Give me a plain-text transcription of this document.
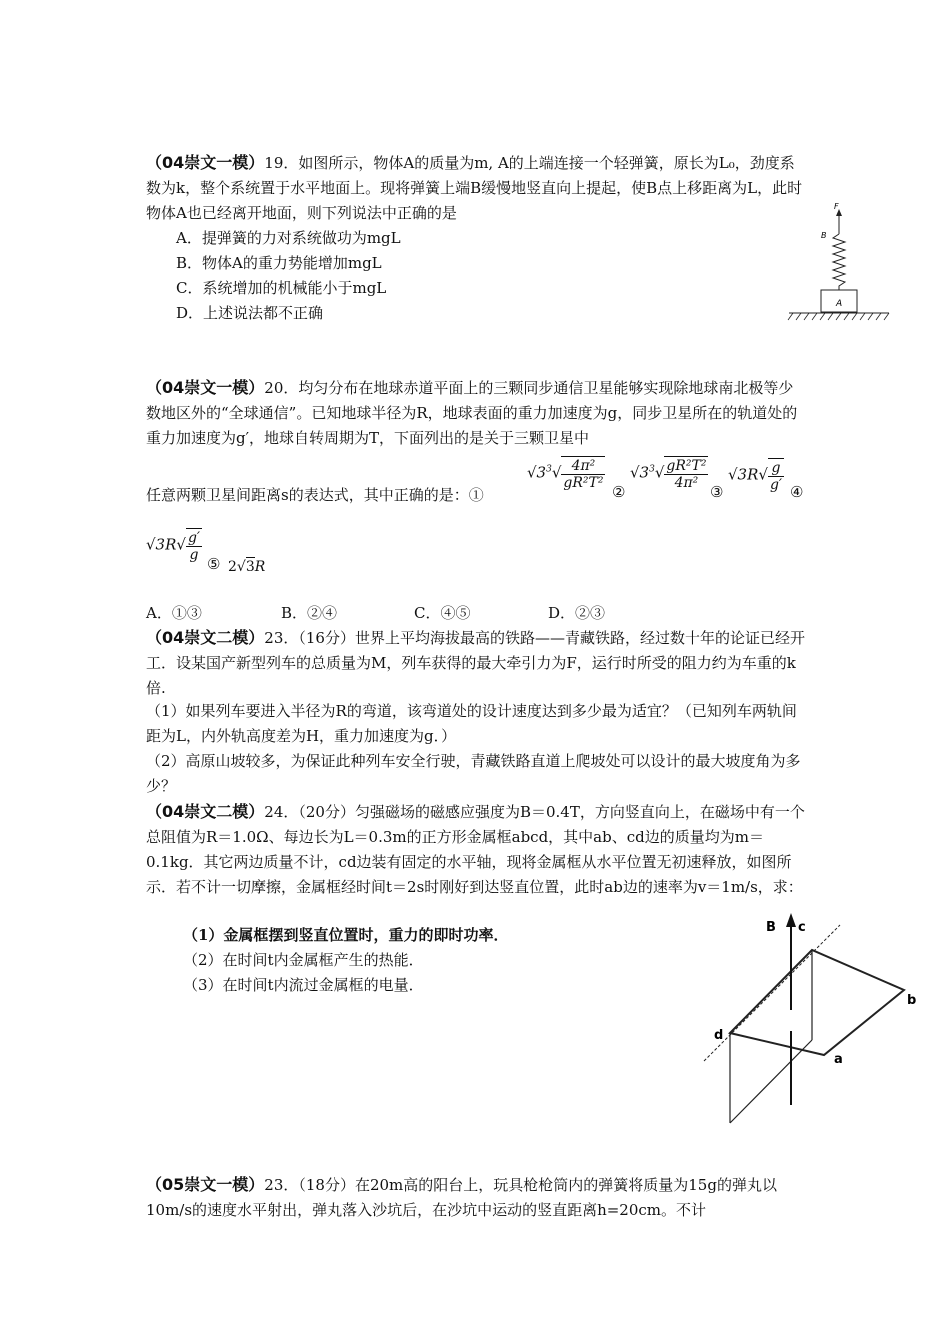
（04崇文一模）19．如图所示，物体A的质量为m, A的上端连接一个轻弹簧，原长为L₀，劲度系数为k，整个系统置于水平地面上。现将弹簧上端B缓慢地竖直向上提起，使B点上移距离为L，此时物体A也已经离开地面，则下列说法中正确的是
A．提弹簧的力对系统做功为mgL
B．物体A的重力势能增加mgL
C．系统增加的机械能小于mgL
D．上述说法都不正确
F
B
A
（04崇文一模）20．均匀分布在地球赤道平面上的三颗同步通信卫星能够实现除地球南北极等少数地区外的“全球通信”。已知地球半径为R，地球表面的重力加速度为g，同步卫星所在的轨道处的重力加速度为g′，地球自转周期为T，下面列出的是关于三颗卫星中
任意两颗卫星间距离s的表达式，其中正确的是：①
$√3^3√ \frac{\text{4π²}}{\text{gR²T²}}$
②
$√3^3√ \frac{\text{gR²T²}}{\text{4π²}}$
③
$√3R√ \frac{g}{g'}$ ④
$√3R√ \frac{g'}{g}$
⑤ 2√3R
A．①③	B．②④	C．④⑤	D．②③
（04崇文二模）23．（16分）世界上平均海拔最高的铁路——青藏铁路，经过数十年的论证已经开工．设某国产新型列车的总质量为M，列车获得的最大牵引力为F，运行时所受的阻力约为车重的k倍.
（1）如果列车要进入半径为R的弯道，该弯道处的设计速度达到多少最为适宜？（已知列车两轨间距为L，内外轨高度差为H，重力加速度为g．）
（2）高原山坡较多，为保证此种列车安全行驶，青藏铁路直道上爬坡处可以设计的最大坡度角为多少？
（04崇文二模）24．（20分）匀强磁场的磁感应强度为B＝0.4T，方向竖直向上，在磁场中有一个总阻值为R＝1.0Ω、每边长为L＝0.3m的正方形金属框abcd，其中ab、cd边的质量均为m＝0.1kg．其它两边质量不计，cd边装有固定的水平轴，现将金属框从水平位置无初速释放，如图所示．若不计一切摩擦，金属框经时间t＝2s时刚好到达竖直位置，此时ab边的速率为v＝1m/s，求：
（1）金属框摆到竖直位置时，重力的即时功率．
（2）在时间t内金属框产生的热能．
（3）在时间t内流过金属框的电量．
B c
d
b
a
（05崇文一模）23．（18分）在20m高的阳台上，玩具枪枪筒内的弹簧将质量为15g的弹丸以10m/s的速度水平射出，弹丸落入沙坑后，在沙坑中运动的竖直距离h=20cm。不计
